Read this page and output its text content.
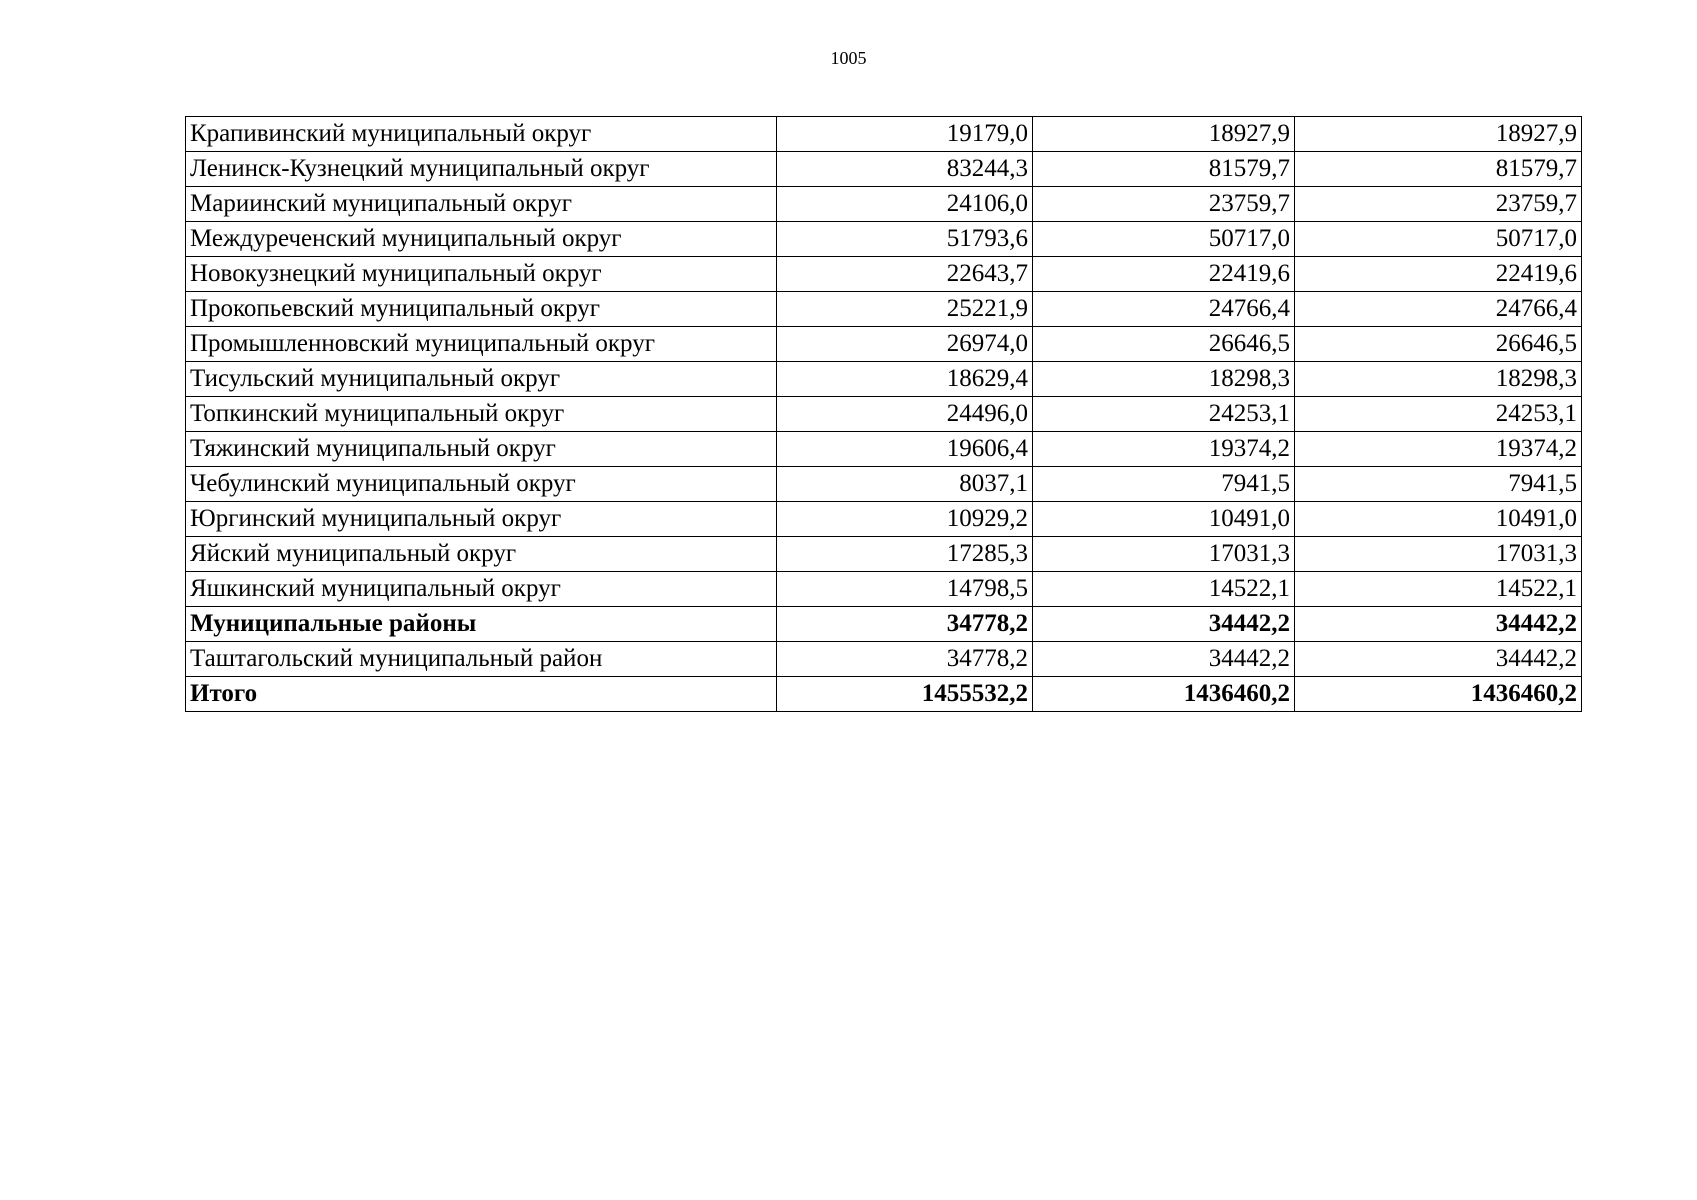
1005
Крапивинский муниципальный округ	19179,0	18927,9	18927,9
Ленинск-Кузнецкий муниципальный округ	83244,3	81579,7	81579,7
Мариинский муниципальный округ	24106,0	23759,7	23759,7
Междуреченский муниципальный округ	51793,6	50717,0	50717,0
Новокузнецкий муниципальный округ	22643,7	22419,6	22419,6
Прокопьевский муниципальный округ	25221,9	24766,4	24766,4
Промышленновский муниципальный округ	26974,0	26646,5	26646,5
Тисульский муниципальный округ	18629,4	18298,3	18298,3
Топкинский муниципальный округ	24496,0	24253,1	24253,1
Тяжинский муниципальный округ	19606,4	19374,2	19374,2
Чебулинский муниципальный округ	8037,1	7941,5	7941,5
Юргинский муниципальный округ	10929,2	10491,0	10491,0
Яйский муниципальный округ	17285,3	17031,3	17031,3
Яшкинский муниципальный округ	14798,5	14522,1	14522,1
Муниципальные районы	34778,2	34442,2	34442,2
Таштагольский муниципальный район	34778,2	34442,2	34442,2
Итого	1455532,2	1436460,2	1436460,2
